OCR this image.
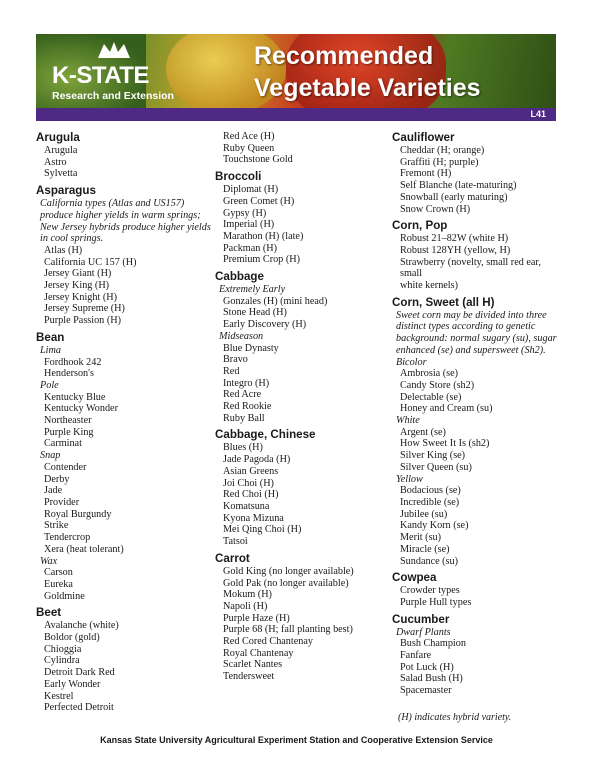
K-STATE
Research and Extension
Recommended
Vegetable Varieties
L41
Arugula
Arugula
Astro
Sylvetta
Asparagus
California types (Atlas and US157)
produce higher yields in warm springs;
New Jersey hybrids produce higher yields
in cool springs.
Atlas (H)
California UC 157 (H)
Jersey Giant (H)
Jersey King (H)
Jersey Knight (H)
Jersey Supreme (H)
Purple Passion (H)
Bean
Lima
Fordhook 242
Henderson's
Pole
Kentucky Blue
Kentucky Wonder
Northeaster
Purple King
Carminat
Snap
Contender
Derby
Jade
Provider
Royal Burgundy
Strike
Tendercrop
Xera (heat tolerant)
Wax
Carson
Eureka
Goldmine
Beet
Avalanche (white)
Boldor (gold)
Chioggia
Cylindra
Detroit Dark Red
Early Wonder
Kestrel
Perfected Detroit
Red Ace (H)
Ruby Queen
Touchstone Gold
Broccoli
Diplomat (H)
Green Comet (H)
Gypsy (H)
Imperial (H)
Marathon (H) (late)
Packman (H)
Premium Crop (H)
Cabbage
Extremely Early
Gonzales (H) (mini head)
Stone Head (H)
Early Discovery (H)
Midseason
Blue Dynasty
Bravo
Red
Integro (H)
Red Acre
Red Rookie
Ruby Ball
Cabbage, Chinese
Blues (H)
Jade Pagoda (H)
Asian Greens
Joi Choi (H)
Red Choi (H)
Komatsuna
Kyona Mizuna
Mei Qing Choi (H)
Tatsoi
Carrot
Gold King (no longer available)
Gold Pak (no longer available)
Mokum (H)
Napoli (H)
Purple Haze (H)
Purple 68 (H; fall planting best)
Red Cored Chantenay
Royal Chantenay
Scarlet Nantes
Tendersweet
Cauliflower
Cheddar (H; orange)
Graffiti (H; purple)
Fremont (H)
Self Blanche (late-maturing)
Snowball (early maturing)
Snow Crown (H)
Corn, Pop
Robust 21–82W (white H)
Robust 128YH (yellow, H)
Strawberry (novelty, small red ear, small
white kernels)
Corn, Sweet (all H)
Sweet corn may be divided into three
distinct types according to genetic
background: normal sugary (su), sugar
enhanced (se) and supersweet (Sh2).
Bicolor
Ambrosia (se)
Candy Store (sh2)
Delectable (se)
Honey and Cream (su)
White
Argent (se)
How Sweet It Is (sh2)
Silver King (se)
Silver Queen (su)
Yellow
Bodacious (se)
Incredible (se)
Jubilee (su)
Kandy Korn (se)
Merit (su)
Miracle (se)
Sundance (su)
Cowpea
Crowder types
Purple Hull types
Cucumber
Dwarf Plants
Bush Champion
Fanfare
Pot Luck (H)
Salad Bush (H)
Spacemaster
(H) indicates hybrid variety.
Kansas State University Agricultural Experiment Station and Cooperative Extension Service
